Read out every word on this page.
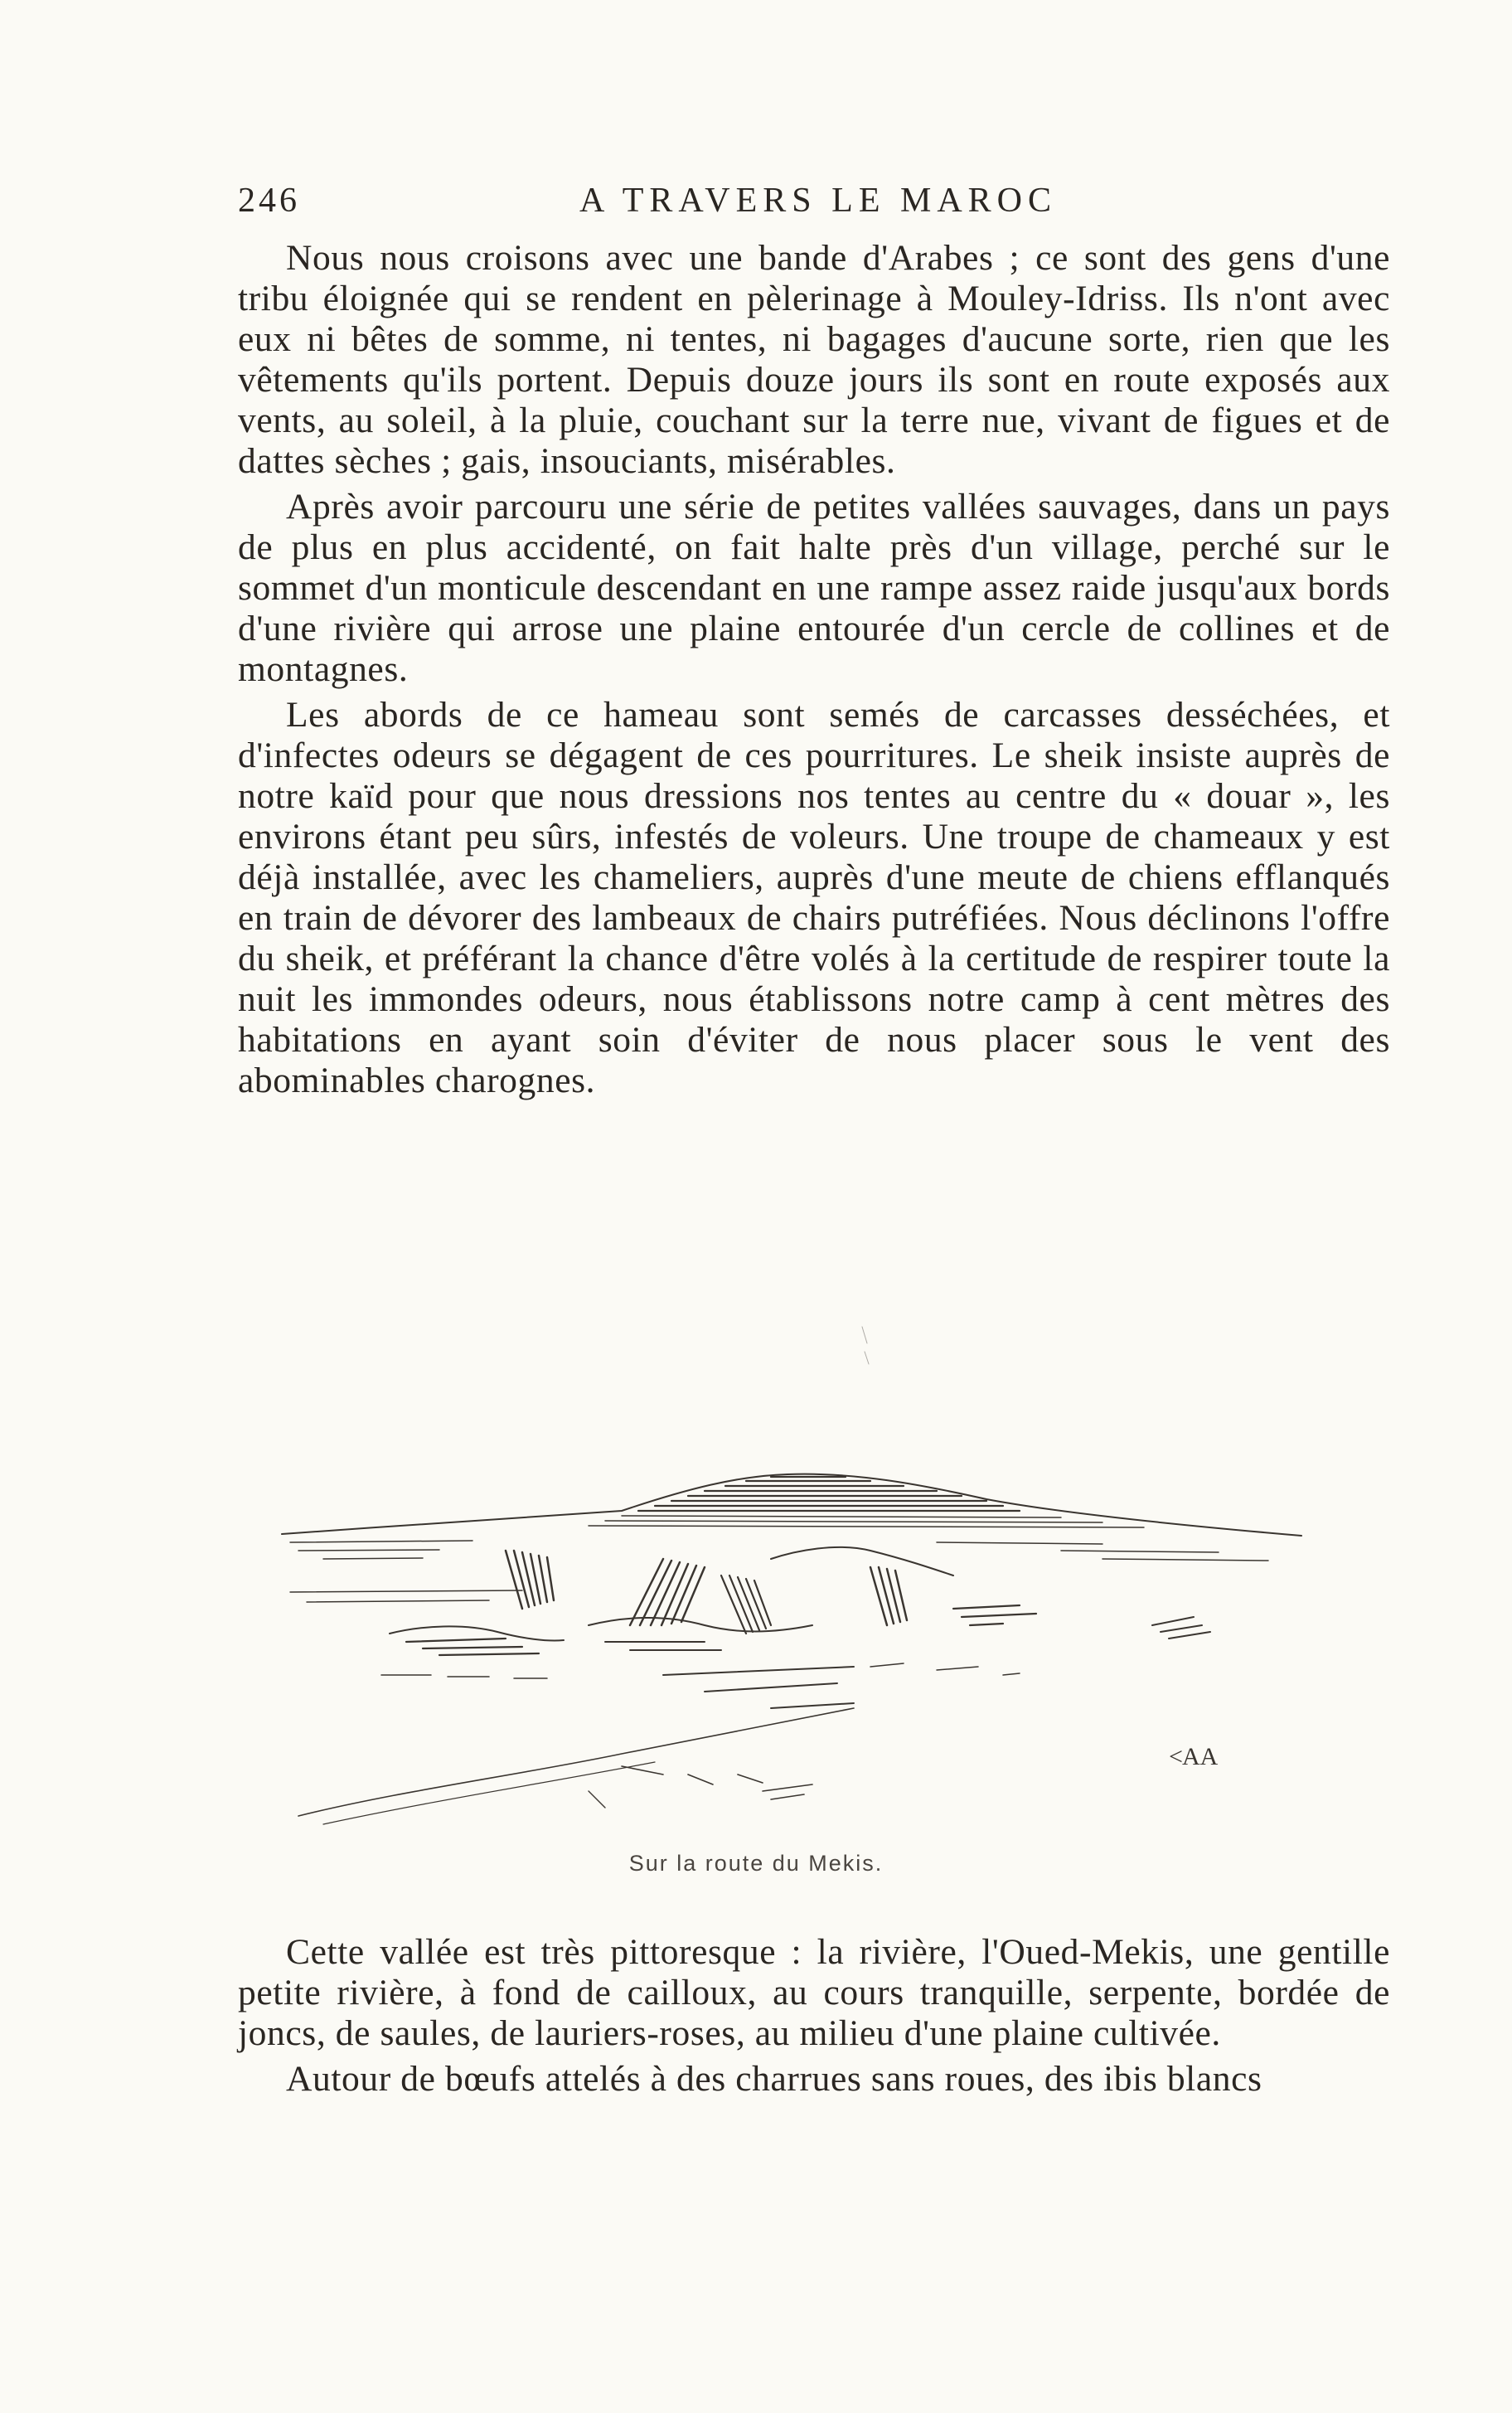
246	A TRAVERS LE MAROC

Nous nous croisons avec une bande d'Arabes ; ce sont des gens d'une tribu éloignée qui se rendent en pèlerinage à Mouley-Idriss. Ils n'ont avec eux ni bêtes de somme, ni tentes, ni bagages d'aucune sorte, rien que les vêtements qu'ils portent. Depuis douze jours ils sont en route exposés aux vents, au soleil, à la pluie, couchant sur la terre nue, vivant de figues et de dattes sèches ; gais, insouciants, misérables.

Après avoir parcouru une série de petites vallées sauvages, dans un pays de plus en plus accidenté, on fait halte près d'un village, perché sur le sommet d'un monticule descendant en une rampe assez raide jusqu'aux bords d'une rivière qui arrose une plaine entourée d'un cercle de collines et de montagnes.

Les abords de ce hameau sont semés de carcasses desséchées, et d'infectes odeurs se dégagent de ces pourritures. Le sheik insiste auprès de notre kaïd pour que nous dressions nos tentes au centre du « douar », les environs étant peu sûrs, infestés de voleurs. Une troupe de chameaux y est déjà installée, avec les chameliers, auprès d'une meute de chiens efflanqués en train de dévorer des lambeaux de chairs putréfiées. Nous déclinons l'offre du sheik, et préférant la chance d'être volés à la certitude de respirer toute la nuit les immondes odeurs, nous établissons notre camp à cent mètres des habitations en ayant soin d'éviter de nous placer sous le vent des abominables charognes.

< AA
Sur la route du Mekis.

Cette vallée est très pittoresque : la rivière, l'Oued-Mekis, une gentille petite rivière, à fond de cailloux, au cours tranquille, serpente, bordée de joncs, de saules, de lauriers-roses, au milieu d'une plaine cultivée.

Autour de bœufs attelés à des charrues sans roues, des ibis blancs
